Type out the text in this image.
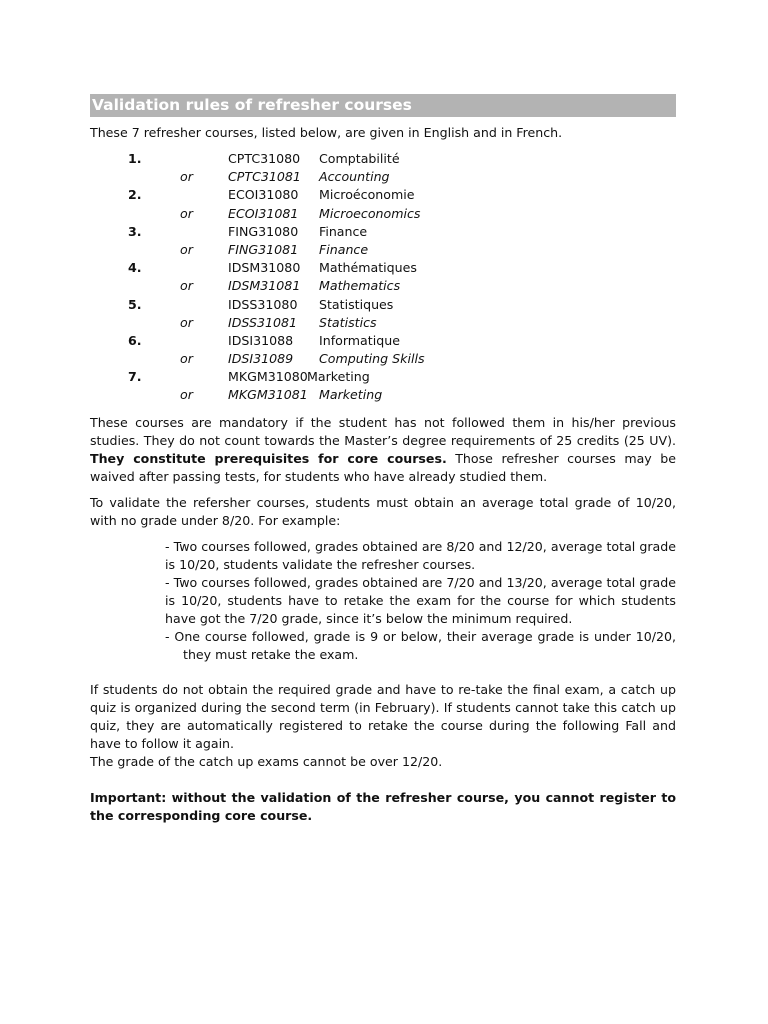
Validation rules of refresher courses
These 7 refresher courses, listed below, are given in English and in French.
1.	CPTC31080 Comptabilité
or	CPTC31081 Accounting
2.	ECOI31080 Microéconomie
or	ECOI31081 Microeconomics
3.	FING31080 Finance
or	FING31081 Finance
4.	IDSM31080 Mathématiques
or	IDSM31081 Mathematics
5.	IDSS31080 Statistiques
or	IDSS31081 Statistics
6.	IDSI31088 Informatique
or	IDSI31089 Computing Skills
7.	MKGM31080 Marketing
or	MKGM31081 Marketing
These courses are mandatory if the student has not followed them in his/her previous studies. They do not count towards the Master’s degree requirements of 25 credits (25 UV). They constitute prerequisites for core courses. Those refresher courses may be waived after passing tests, for students who have already studied them.
To validate the refersher courses, students must obtain an average total grade of 10/20, with no grade under 8/20. For example:
- Two courses followed, grades obtained are 8/20 and 12/20, average total grade is 10/20, students validate the refresher courses.
- Two courses followed, grades obtained are 7/20 and 13/20, average total grade is 10/20, students have to retake the exam for the course for which students have got the 7/20 grade, since it’s below the minimum required.
- One course followed, grade is 9 or below, their average grade is under 10/20, they must retake the exam.
If students do not obtain the required grade and have to re-take the final exam, a catch up quiz is organized during the second term (in February). If students cannot take this catch up quiz, they are automatically registered to retake the course during the following Fall and have to follow it again.
The grade of the catch up exams cannot be over 12/20.
Important: without the validation of the refresher course, you cannot register to the corresponding core course.
